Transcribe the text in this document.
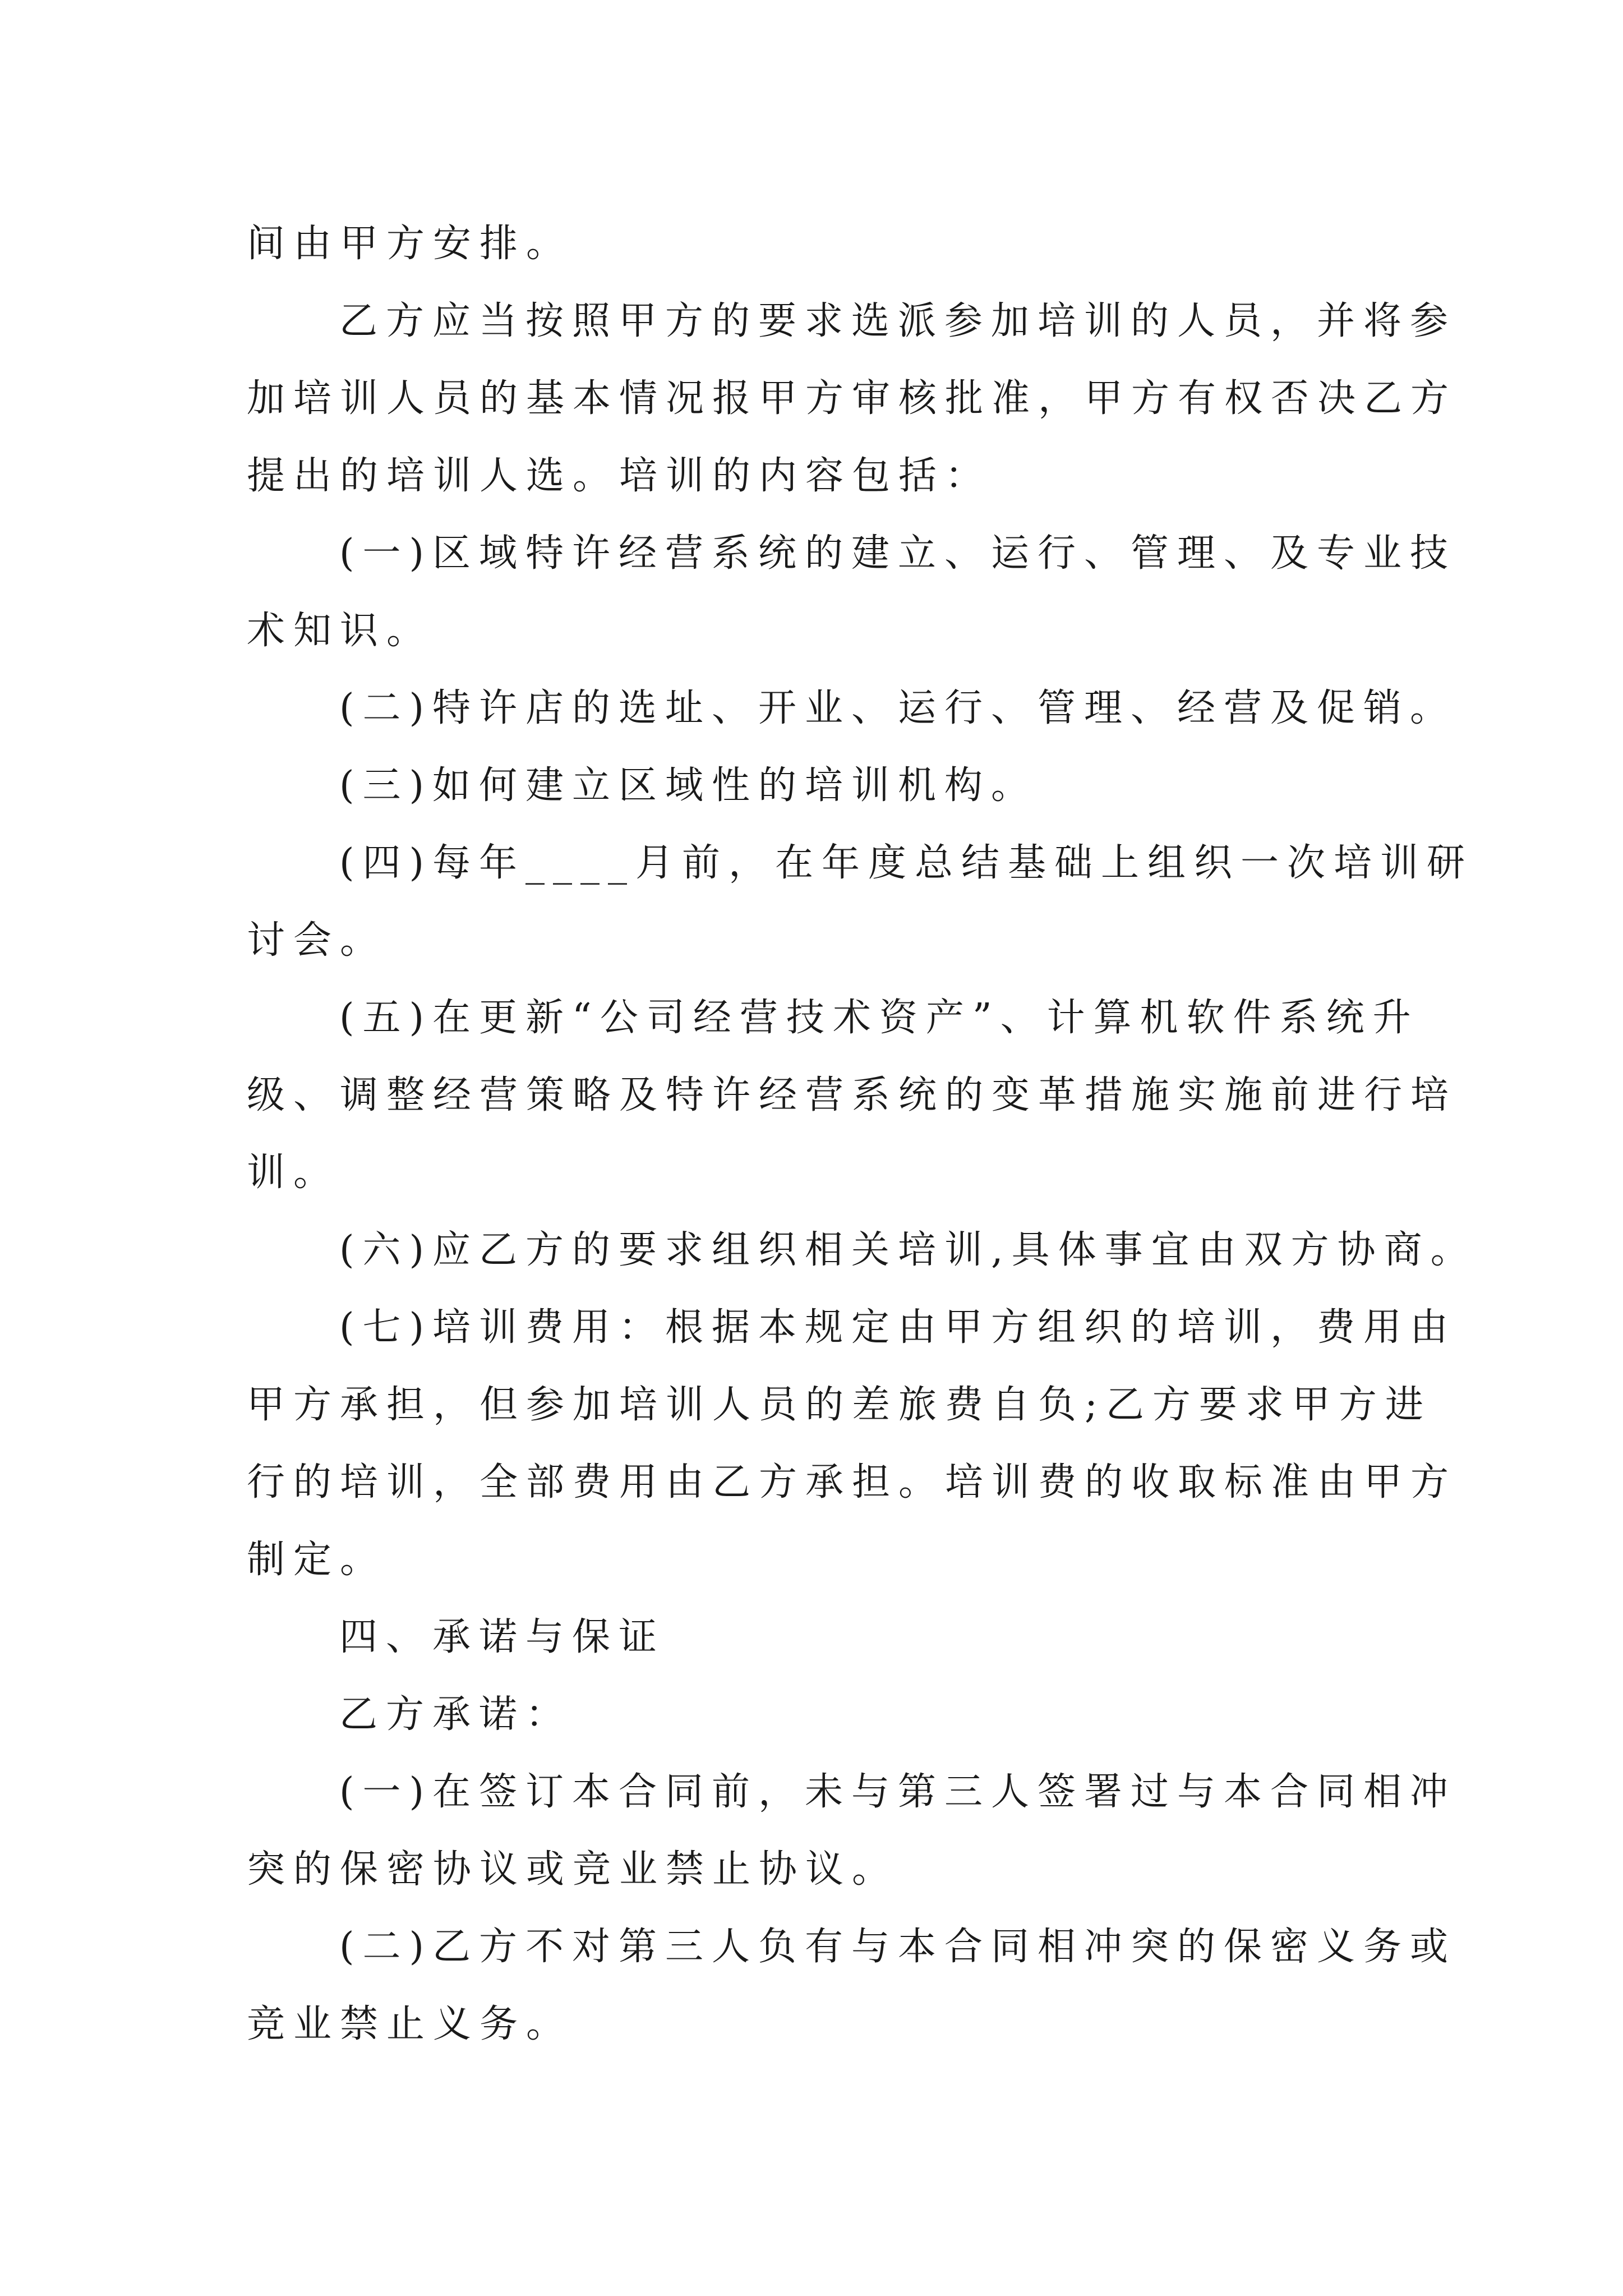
间由甲方安排。

乙方应当按照甲方的要求选派参加培训的人员，并将参

加培训人员的基本情况报甲方审核批准，甲方有权否决乙方

提出的培训人选。培训的内容包括：

(一)区域特许经营系统的建立、运行、管理、及专业技

术知识。

(二)特许店的选址、开业、运行、管理、经营及促销。

(三)如何建立区域性的培训机构。

(四)每年____月前，在年度总结基础上组织一次培训研

讨会。

(五)在更新“公司经营技术资产”、计算机软件系统升

级、调整经营策略及特许经营系统的变革措施实施前进行培

训。

(六)应乙方的要求组织相关培训,具体事宜由双方协商。

(七)培训费用：根据本规定由甲方组织的培训，费用由

甲方承担，但参加培训人员的差旅费自负;乙方要求甲方进

行的培训，全部费用由乙方承担。培训费的收取标准由甲方

制定。

四、承诺与保证

乙方承诺：

(一)在签订本合同前，未与第三人签署过与本合同相冲

突的保密协议或竞业禁止协议。

(二)乙方不对第三人负有与本合同相冲突的保密义务或

竞业禁止义务。
